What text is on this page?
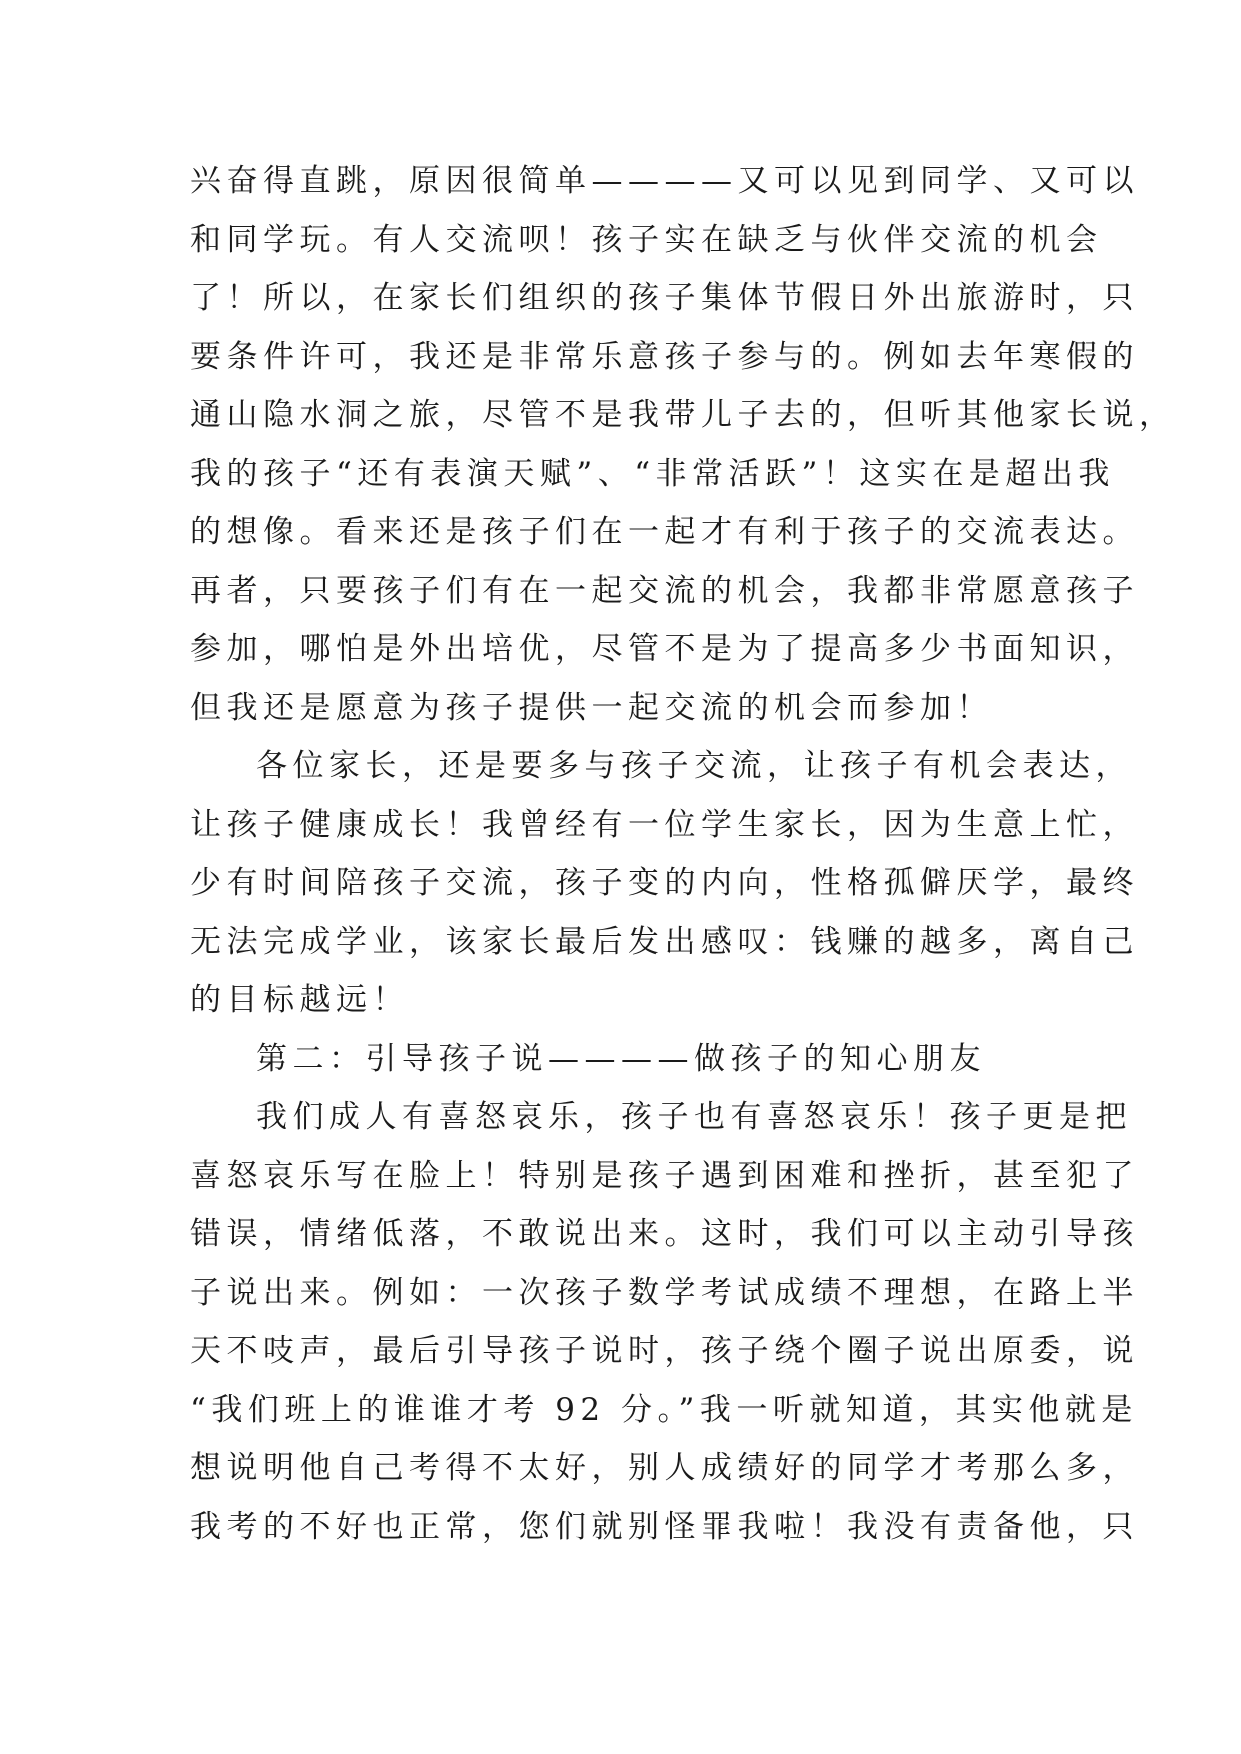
兴奋得直跳，原因很简单————又可以见到同学、又可以
和同学玩。有人交流呗！孩子实在缺乏与伙伴交流的机会
了！所以，在家长们组织的孩子集体节假日外出旅游时，只
要条件许可，我还是非常乐意孩子参与的。例如去年寒假的
通山隐水洞之旅，尽管不是我带儿子去的，但听其他家长说，
我的孩子“还有表演天赋”、“非常活跃”！这实在是超出我
的想像。看来还是孩子们在一起才有利于孩子的交流表达。
再者，只要孩子们有在一起交流的机会，我都非常愿意孩子
参加，哪怕是外出培优，尽管不是为了提高多少书面知识，
但我还是愿意为孩子提供一起交流的机会而参加！
各位家长，还是要多与孩子交流，让孩子有机会表达，
让孩子健康成长！我曾经有一位学生家长，因为生意上忙，
少有时间陪孩子交流，孩子变的内向，性格孤僻厌学，最终
无法完成学业，该家长最后发出感叹：钱赚的越多，离自己
的目标越远！
第二：引导孩子说————做孩子的知心朋友
我们成人有喜怒哀乐，孩子也有喜怒哀乐！孩子更是把
喜怒哀乐写在脸上！特别是孩子遇到困难和挫折，甚至犯了
错误，情绪低落，不敢说出来。这时，我们可以主动引导孩
子说出来。例如：一次孩子数学考试成绩不理想，在路上半
天不吱声，最后引导孩子说时，孩子绕个圈子说出原委，说
“我们班上的谁谁才考 92 分。”我一听就知道，其实他就是
想说明他自己考得不太好，别人成绩好的同学才考那么多，
我考的不好也正常，您们就别怪罪我啦！我没有责备他，只
